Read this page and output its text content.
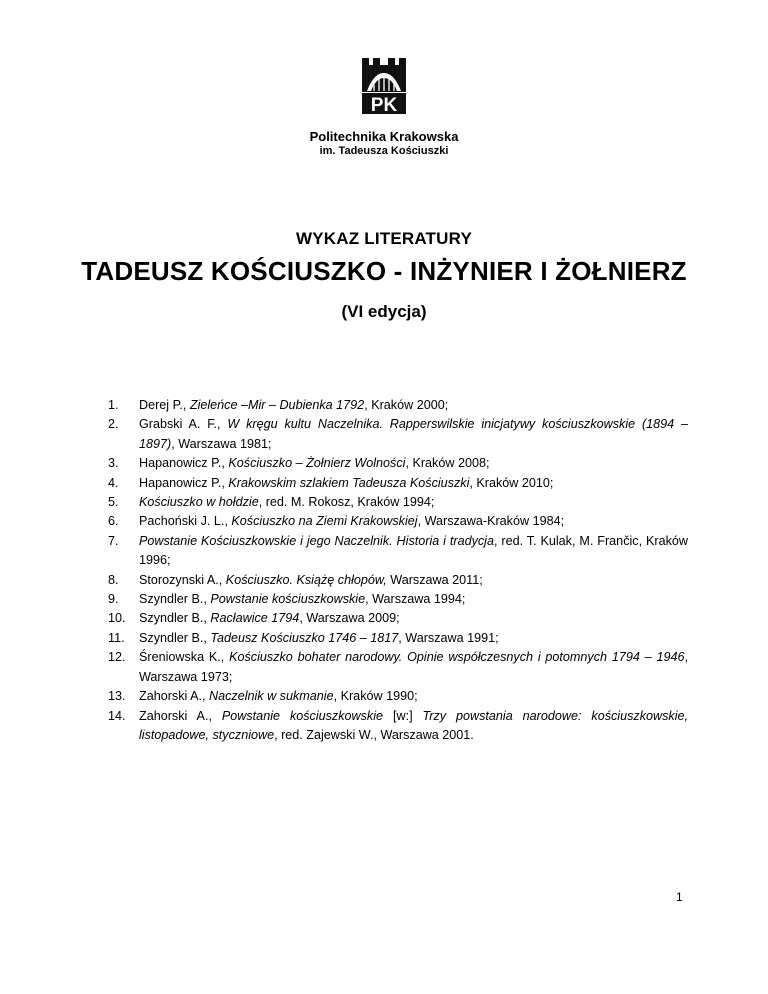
PK
Politechnika Krakowska
im. Tadeusza Kościuszki
WYKAZ LITERATURY
TADEUSZ KOŚCIUSZKO - INŻYNIER I ŻOŁNIERZ
(VI edycja)
1. Derej P., Zieleńce –Mir – Dubienka 1792, Kraków 2000;
2. Grabski A. F., W kręgu kultu Naczelnika. Rapperswilskie inicjatywy kościuszkowskie (1894 – 1897), Warszawa 1981;
3. Hapanowicz P., Kościuszko – Żołnierz Wolności, Kraków 2008;
4. Hapanowicz P., Krakowskim szlakiem Tadeusza Kościuszki, Kraków 2010;
5. Kościuszko w hołdzie, red. M. Rokosz, Kraków 1994;
6. Pachoński J. L., Kościuszko na Ziemi Krakowskiej, Warszawa-Kraków 1984;
7. Powstanie Kościuszkowskie i jego Naczelnik. Historia i tradycja, red. T. Kulak, M. Frančic, Kraków 1996;
8. Storozynski A., Kościuszko. Książę chłopów, Warszawa 2011;
9. Szyndler B., Powstanie kościuszkowskie, Warszawa 1994;
10. Szyndler B., Racławice 1794, Warszawa 2009;
11. Szyndler B., Tadeusz Kościuszko 1746 – 1817, Warszawa 1991;
12. Śreniowska K., Kościuszko bohater narodowy. Opinie współczesnych i potomnych 1794 – 1946, Warszawa 1973;
13. Zahorski A., Naczelnik w sukmanie, Kraków 1990;
14. Zahorski A., Powstanie kościuszkowskie [w:] Trzy powstania narodowe: kościuszkowskie, listopadowe, styczniowe, red. Zajewski W., Warszawa 2001.
1
